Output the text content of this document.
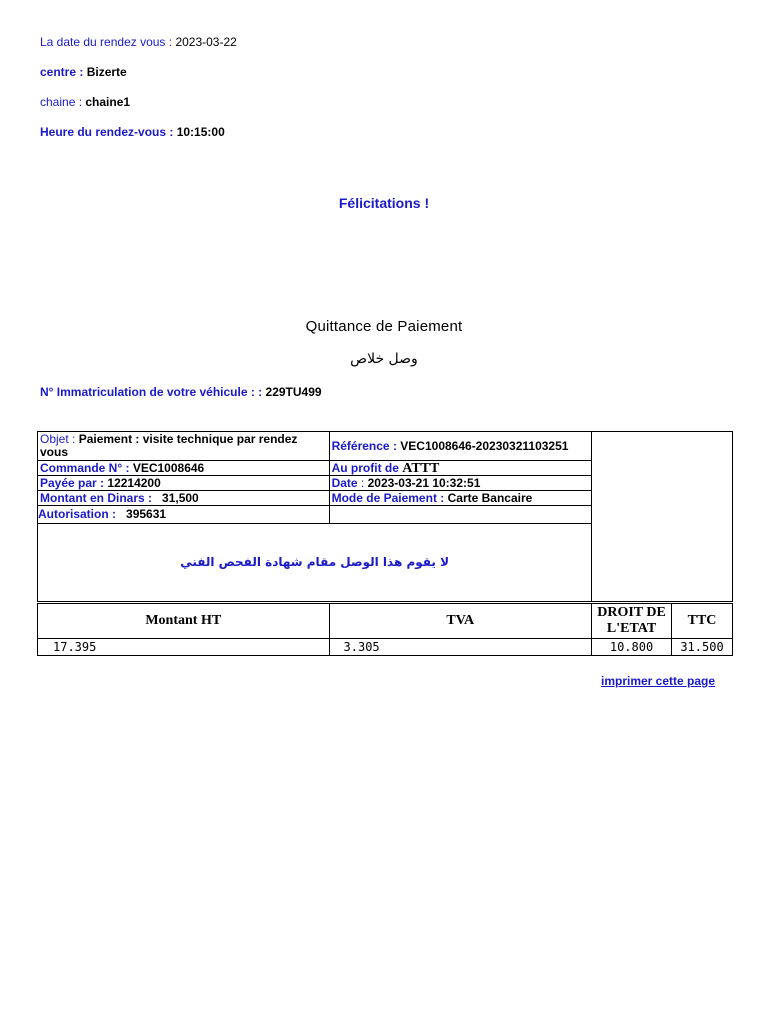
La date du rendez vous : 2023-03-22
centre : Bizerte
chaine : chaine1
Heure du rendez-vous : 10:15:00
Félicitations !
Quittance de Paiement
وصل خلاص
N° Immatriculation de votre véhicule : : 229TU499
Objet : Paiement : visite technique par rendez vous	Référence : VEC1008646-20230321103251	
Commande N° : VEC1008646	Au profit de ATTT	
Payée par : 12214200	Date : 2023-03-21 10:32:51	
Montant en Dinars : 31,500	Mode de Paiement : Carte Bancaire	
Autorisation : 395631		
لا يقوم هذا الوصل مقام شهادة الفحص الفني		
Montant HT	TVA	DROIT DE L'ETAT	TTC
17.395	3.305	10.800	31.500
imprimer cette page
